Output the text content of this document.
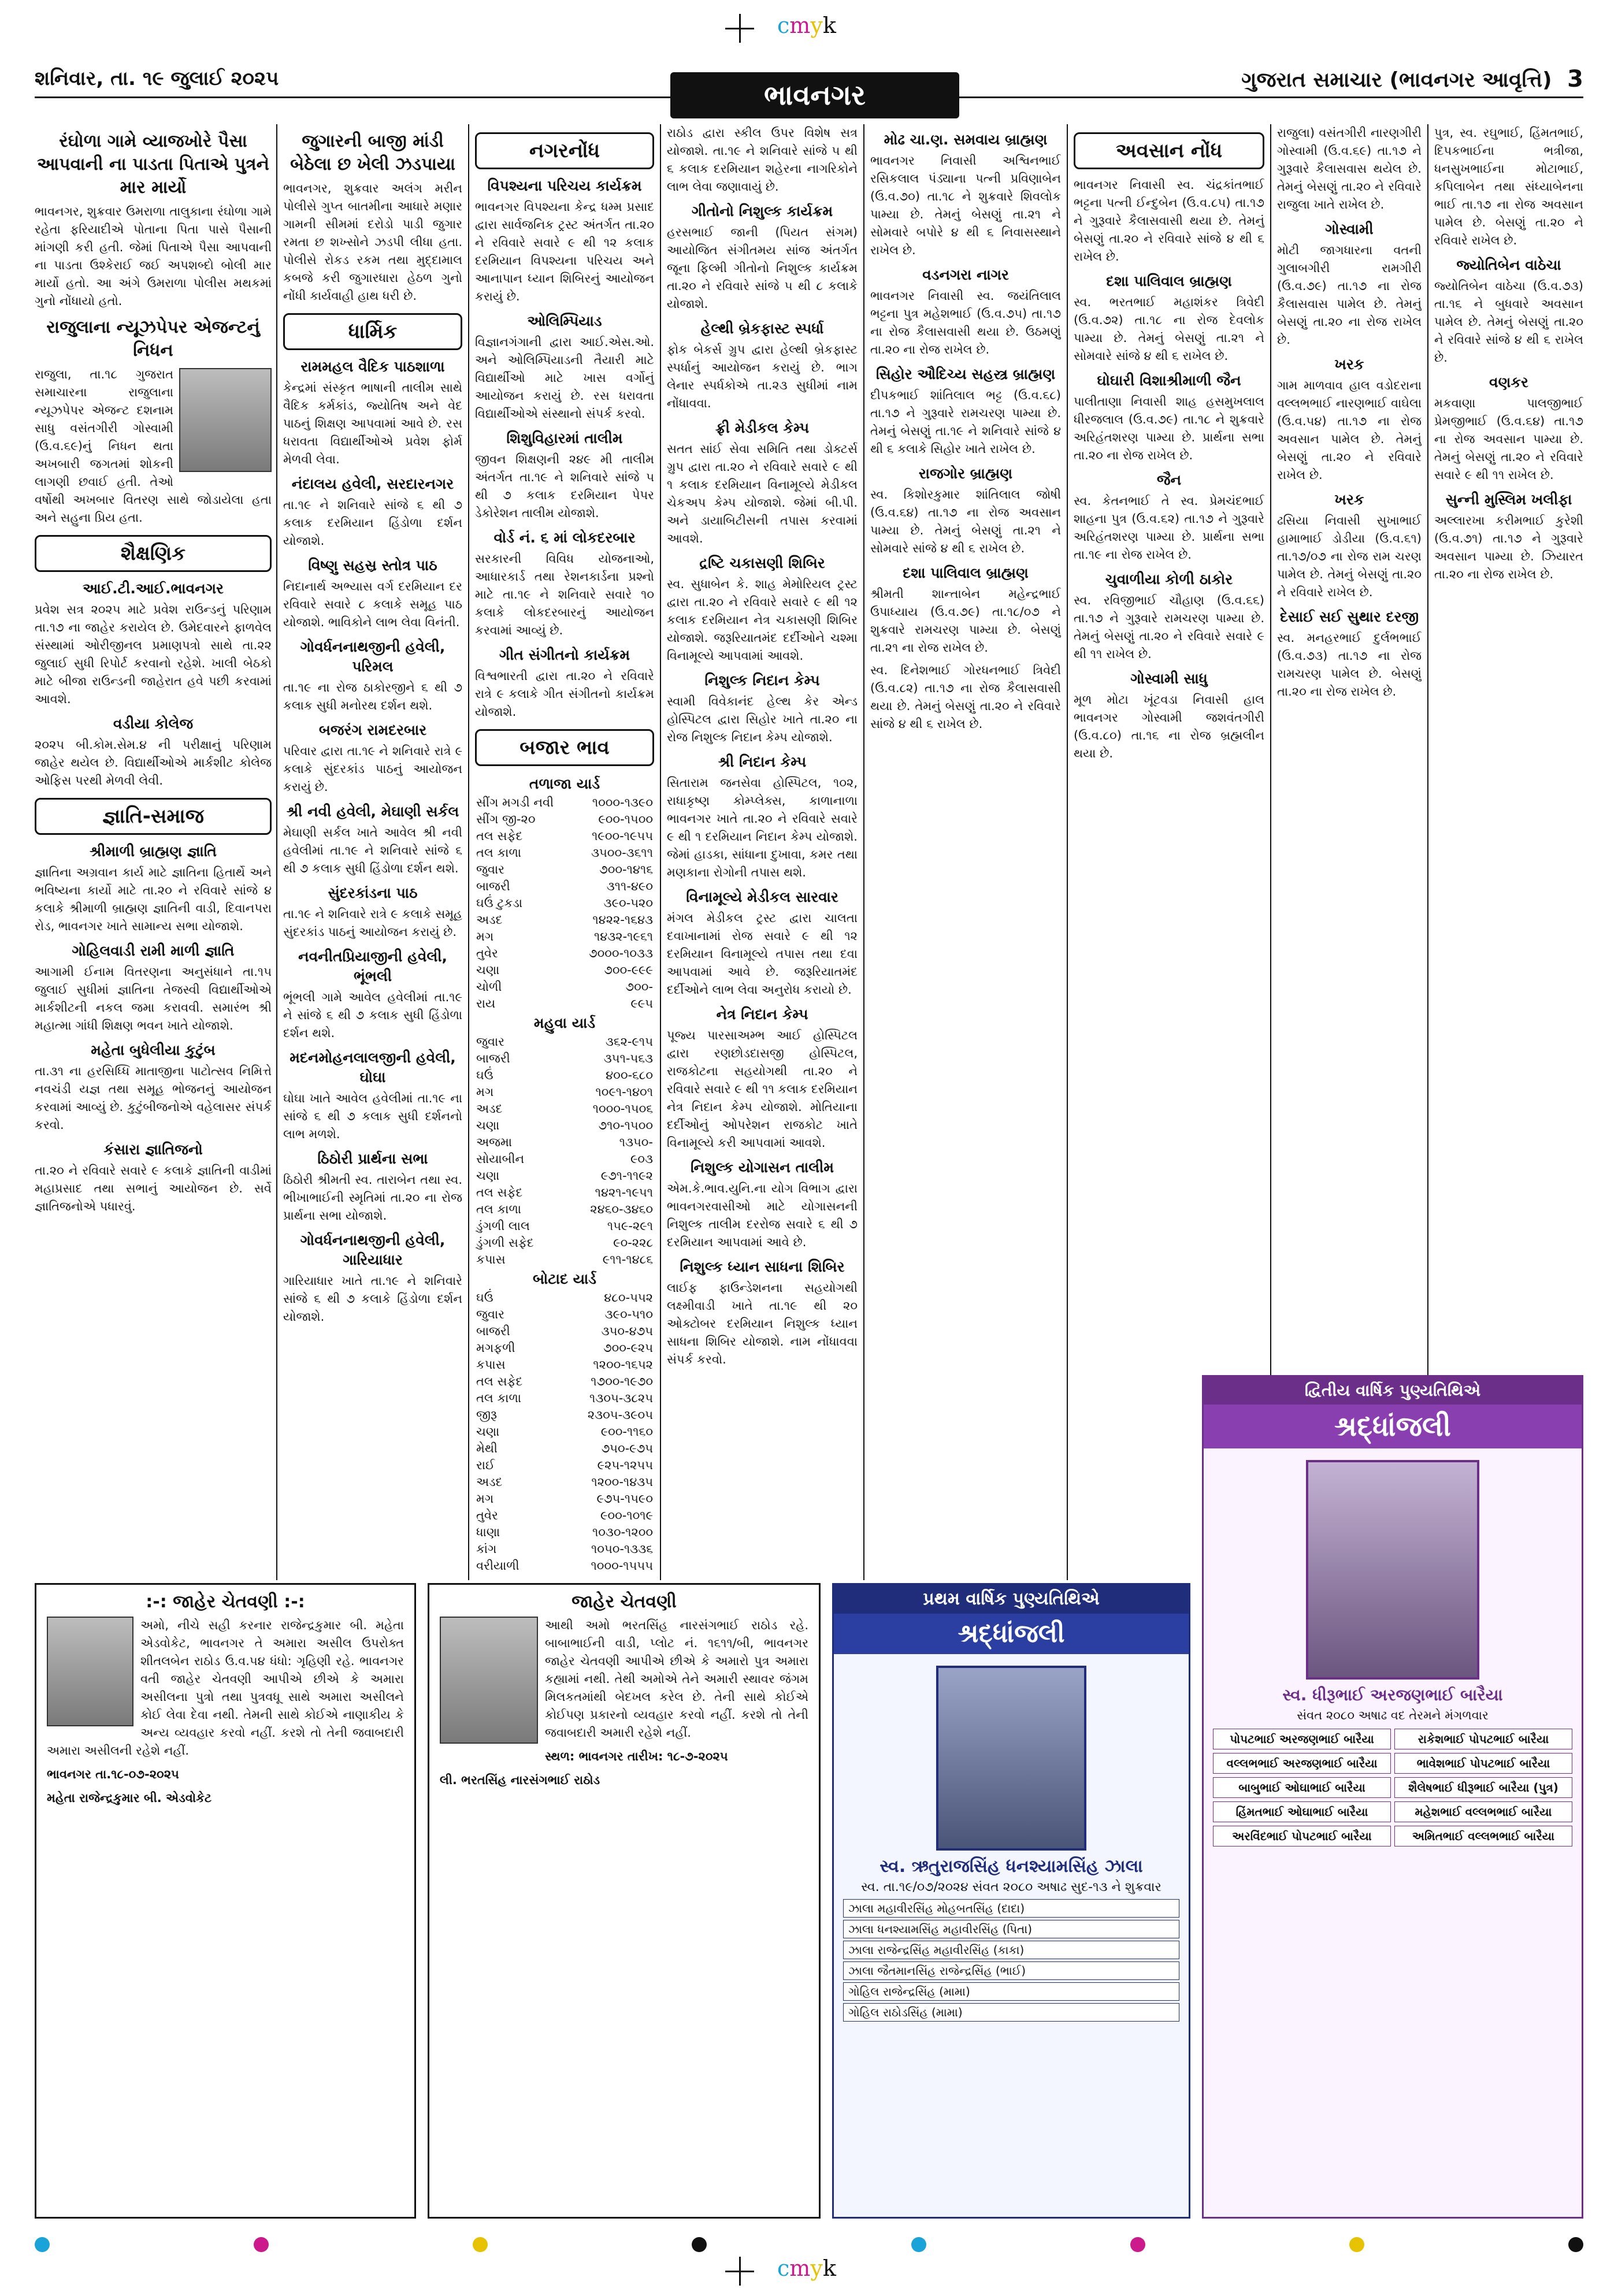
cmyk
શનિવાર, તા. ૧૯ જુલાઈ ૨૦૨૫	ગુજરાત સમાચાર (ભાવનગર આવૃત્તિ) 3
ભાવનગર
રંઘોળા ગામે વ્યાજખોરે પૈસા આપવાની ના પાડતા પિતાએ પુત્રને માર માર્યો

ભાવનગર, શુક્રવાર ઉમરાળા તાલુકાના રંઘોળા ગામે રહેતા ફરિયાદીએ પોતાના પિતા પાસે પૈસાની માંગણી કરી હતી. જેમાં પિતાએ પૈસા આપવાની ના પાડતા ઉશ્કેરાઈ જઈ અપશબ્દો બોલી માર માર્યો હતો. આ અંગે ઉમરાળા પોલીસ મથકમાં ગુનો નોંધાયો હતો.

રાજુલાના ન્યૂઝપેપર એજન્ટનું નિધન

રાજુલા, તા.૧૮ ગુજરાત સમાચારના રાજુલાના ન્યૂઝપેપર એજન્ટ દશનામ સાધુ વસંતગીરી ગોસ્વામી (ઉ.વ.૬૯)નું નિધન થતા અખબારી જગતમાં શોકની લાગણી છવાઈ હતી. તેઓ વર્ષોથી અખબાર વિતરણ સાથે જોડાયેલા હતા અને સહુના પ્રિય હતા.

શૈક્ષણિક
આઈ.ટી.આઈ.ભાવનગર

પ્રવેશ સત્ર ૨૦૨૫ માટે પ્રવેશ રાઉન્ડનું પરિણામ તા.૧૭ ના જાહેર કરાયેલ છે. ઉમેદવારને ફાળવેલ સંસ્થામાં ઓરીજીનલ પ્રમાણપત્રો સાથે તા.૨૨ જુલાઈ સુધી રિપોર્ટ કરવાનો રહેશે. ખાલી બેઠકો માટે બીજા રાઉન્ડની જાહેરાત હવે પછી કરવામાં આવશે.

વડીયા કોલેજ

૨૦૨૫ બી.કોમ.સેમ.૪ ની પરીક્ષાનું પરિણામ જાહેર થયેલ છે. વિદ્યાર્થીઓએ માર્કશીટ કોલેજ ઓફિસ પરથી મેળવી લેવી.

જ્ઞાતિ-સમાજ
શ્રીમાળી બ્રાહ્મણ જ્ઞાતિ

જ્ઞાતિના અગ્રવાન કાર્ય માટે જ્ઞાતિના હિતાર્થે અને ભવિષ્યના કાર્યો માટે તા.૨૦ ને રવિવારે સાંજે ૪ કલાકે શ્રીમાળી બ્રાહ્મણ જ્ઞાતિની વાડી, દિવાનપરા રોડ, ભાવનગર ખાતે સામાન્ય સભા યોજાશે.

ગોહિલવાડી રામી માળી જ્ઞાતિ

આગામી ઈનામ વિતરણના અનુસંધાને તા.૧૫ જુલાઈ સુધીમાં જ્ઞાતિના તેજસ્વી વિદ્યાર્થીઓએ માર્કશીટની નકલ જમા કરાવવી. સમારંભ શ્રી મહાત્મા ગાંધી શિક્ષણ ભવન ખાતે યોજાશે.

મહેતા બુધેલીયા કુટુંબ

તા.૩૧ ના હરસિધ્ધિ માતાજીના પાટોત્સવ નિમિત્તે નવચંડી યજ્ઞ તથા સમૂહ ભોજનનું આયોજન કરવામાં આવ્યું છે. કુટુંબીજનોએ વહેલાસર સંપર્ક કરવો.

કંસારા જ્ઞાતિજનો

તા.૨૦ ને રવિવારે સવારે ૯ કલાકે જ્ઞાતિની વાડીમાં મહાપ્રસાદ તથા સભાનું આયોજન છે. સર્વે જ્ઞાતિજનોએ પધારવું.

જુગારની બાજી માંડી બેઠેલા છ ખેલી ઝડપાયા

ભાવનગર, શુક્રવાર અલંગ મરીન પોલીસે ગુપ્ત બાતમીના આધારે મણાર ગામની સીમમાં દરોડો પાડી જુગાર રમતા છ શખ્સોને ઝડપી લીધા હતા. પોલીસે રોકડ રકમ તથા મુદ્દામાલ કબજે કરી જુગારધારા હેઠળ ગુનો નોંધી કાર્યવાહી હાથ ધરી છે.

ધાર્મિક
રામમહલ વૈદિક પાઠશાળા

કેન્દ્રમાં સંસ્કૃત ભાષાની તાલીમ સાથે વૈદિક કર્મકાંડ, જ્યોતિષ અને વેદ પાઠનું શિક્ષણ આપવામાં આવે છે. રસ ધરાવતા વિદ્યાર્થીઓએ પ્રવેશ ફોર્મ મેળવી લેવા.

નંદાલય હવેલી, સરદારનગર

તા.૧૯ ને શનિવારે સાંજે ૬ થી ૭ કલાક દરમિયાન હિંડોળા દર્શન યોજાશે.

વિષ્ણુ સહસ્ર સ્તોત્ર પાઠ

નિદાનાર્થ અભ્યાસ વર્ગ દરમિયાન દર રવિવારે સવારે ૮ કલાકે સમૂહ પાઠ યોજાશે. ભાવિકોને લાભ લેવા વિનંતી.

ગોવર્ધનનાથજીની હવેલી, પરિમલ

તા.૧૯ ના રોજ ઠાકોરજીને ૬ થી ૭ કલાક સુધી મનોરથ દર્શન થશે.

બજરંગ રામદરબાર

પરિવાર દ્વારા તા.૧૯ ને શનિવારે રાત્રે ૯ કલાકે સુંદરકાંડ પાઠનું આયોજન કરાયું છે.

શ્રી નવી હવેલી, મેઘાણી સર્કલ

મેઘાણી સર્કલ ખાતે આવેલ શ્રી નવી હવેલીમાં તા.૧૯ ને શનિવારે સાંજે ૬ થી ૭ કલાક સુધી હિંડોળા દર્શન થશે.

સુંદરકાંડના પાઠ

તા.૧૯ ને શનિવારે રાત્રે ૯ કલાકે સમૂહ સુંદરકાંડ પાઠનું આયોજન કરાયું છે.

નવનીતપ્રિયાજીની હવેલી, ભૂંભલી

ભૂંભલી ગામે આવેલ હવેલીમાં તા.૧૯ ને સાંજે ૬ થી ૭ કલાક સુધી હિંડોળા દર્શન થશે.

મદનમોહનલાલજીની હવેલી, ઘોઘા

ઘોઘા ખાતે આવેલ હવેલીમાં તા.૧૯ ના સાંજે ૬ થી ૭ કલાક સુધી દર્શનનો લાભ મળશે.

ઠિઠોરી પ્રાર્થના સભા

ઠિઠોરી શ્રીમતી સ્વ. તારાબેન તથા સ્વ. ભીખાભાઈની સ્મૃતિમાં તા.૨૦ ના રોજ પ્રાર્થના સભા યોજાશે.

ગોવર્ધનનાથજીની હવેલી, ગારિયાધાર

ગારિયાધાર ખાતે તા.૧૯ ને શનિવારે સાંજે ૬ થી ૭ કલાકે હિંડોળા દર્શન યોજાશે.

નગરનોંધ
વિપશ્યના પરિચય કાર્યક્રમ

ભાવનગર વિપશ્યના કેન્દ્ર ધમ્મ પ્રસાદ દ્વારા સાર્વજનિક ટ્રસ્ટ અંતર્ગત તા.૨૦ ને રવિવારે સવારે ૯ થી ૧૨ કલાક દરમિયાન વિપશ્યના પરિચય અને આનાપાન ધ્યાન શિબિરનું આયોજન કરાયું છે.

ઓલિમ્પિયાડ

વિજ્ઞાનગંગાની દ્વારા આઈ.એસ.ઓ. અને ઓલિમ્પિયાડની તૈયારી માટે વિદ્યાર્થીઓ માટે ખાસ વર્ગોનું આયોજન કરાયું છે. રસ ધરાવતા વિદ્યાર્થીઓએ સંસ્થાનો સંપર્ક કરવો.

શિશુવિહારમાં તાલીમ

જીવન શિક્ષણની ૨૪૯ મી તાલીમ અંતર્ગત તા.૧૯ ને શનિવારે સાંજે ૫ થી ૭ કલાક દરમિયાન પેપર ડેકોરેશન તાલીમ યોજાશે.

વોર્ડ નં. ૬ માં લોકદરબાર

સરકારની વિવિધ યોજનાઓ, આધારકાર્ડ તથા રેશનકાર્ડના પ્રશ્નો માટે તા.૧૯ ને શનિવારે સવારે ૧૦ કલાકે લોકદરબારનું આયોજન કરવામાં આવ્યું છે.

ગીત સંગીતનો કાર્યક્રમ

વિશ્વભારતી દ્વારા તા.૨૦ ને રવિવારે રાત્રે ૯ કલાકે ગીત સંગીતનો કાર્યક્રમ યોજાશે.

બજાર ભાવ
તળાજા યાર્ડ	
સીંગ મગડી નવી	૧૦૦૦-૧૩૯૦
સીંગ જી-૨૦	૯૦૦-૧૫૦૦
તલ સફેદ	૧૯૦૦-૧૯૫૫
તલ કાળા	૩૫૦૦-૩૬૧૧
જુવાર	૭૦૦-૧૪૧૬
બાજરી	૩૧૧-૪૯૦
ઘઉં ટુકડા	૩૯૦-૫૨૦
અડદ	૧૪૨૨-૧૬૪૩
મગ	૧૪૩૨-૧૯૬૧
તુવેર	૭૦૦૦-૧૦૩૩
ચણા	૭૦૦-૯૯૯
ચોળી	૭૦૦-
રાય	૯૯૫
મહુવા યાર્ડ	
જુવાર	૩૬૨-૯૧૫
બાજરી	૩૫૧-૫૬૩
ઘઉં	૪૦૦-૬૮૦
મગ	૧૦૯૧-૧૪૦૧
અડદ	૧૦૦૦-૧૫૦૬
ચણા	૭૧૦-૧૫૦૦
અજમા	૧૩૫૦-
સોયાબીન	૯૦૩
ચણા	૯૭૧-૧૧૯૨
તલ સફેદ	૧૪૨૧-૧૯૫૧
તલ કાળા	૨૪૬૦-૩૪૬૦
ડુંગળી લાલ	૧૫૯-૨૯૧
ડુંગળી સફેદ	૯૦-૨૨૮
કપાસ	૯૧૧-૧૪૮૬
બોટાદ યાર્ડ	
ઘઉં	૪૮૦-૫૫૨
જુવાર	૩૯૦-૫૧૦
બાજરી	૩૫૦-૪૭૫
મગફળી	૭૦૦-૯૨૫
કપાસ	૧૨૦૦-૧૬૫૨
તલ સફેદ	૧૭૦૦-૧૯૭૦
તલ કાળા	૧૩૦૫-૩૮૨૫
જીરૂ	૨૩૦૫-૩૯૦૫
ચણા	૯૦૦-૧૧૬૦
મેથી	૭૫૦-૯૭૫
રાઈ	૯૨૫-૧૨૫૫
અડદ	૧૨૦૦-૧૪૩૫
મગ	૯૭૫-૧૫૯૦
તુવેર	૯૦૦-૧૦૧૯
ધાણા	૧૦૩૦-૧૨૦૦
કાંગ	૧૦૫૦-૧૩૩૬
વરીયાળી	૧૦૦૦-૧૫૫૫

રાઠોડ દ્વારા સ્કીલ ઉપર વિશેષ સત્ર યોજાશે. તા.૧૯ ને શનિવારે સાંજે ૫ થી ૬ કલાક દરમિયાન શહેરના નાગરિકોને લાભ લેવા જણાવાયું છે.

ગીતોનો નિશુલ્ક કાર્યક્રમ

હરસભાઈ જાની (પિયત સંગમ) આયોજિત સંગીતમય સાંજ અંતર્ગત જૂના ફિલ્મી ગીતોનો નિશુલ્ક કાર્યક્રમ તા.૨૦ ને રવિવારે સાંજે ૫ થી ૮ કલાકે યોજાશે.

હેલ્થી બ્રેકફાસ્ટ સ્પર્ધા

ફોક બેકર્સ ગ્રુપ દ્વારા હેલ્થી બ્રેકફાસ્ટ સ્પર્ધાનું આયોજન કરાયું છે. ભાગ લેનાર સ્પર્ધકોએ તા.૨૩ સુધીમાં નામ નોંધાવવા.

ફ્રી મેડીકલ કેમ્પ

સતત સાંઈ સેવા સમિતિ તથા ડોક્ટર્સ ગ્રુપ દ્વારા તા.૨૦ ને રવિવારે સવારે ૯ થી ૧ કલાક દરમિયાન વિનામૂલ્યે મેડીકલ ચેકઅપ કેમ્પ યોજાશે. જેમાં બી.પી. અને ડાયાબિટીસની તપાસ કરવામાં આવશે.

દ્રષ્ટિ ચકાસણી શિબિર

સ્વ. સુધાબેન કે. શાહ મેમોરિયલ ટ્રસ્ટ દ્વારા તા.૨૦ ને રવિવારે સવારે ૯ થી ૧૨ કલાક દરમિયાન નેત્ર ચકાસણી શિબિર યોજાશે. જરૂરિયાતમંદ દર્દીઓને ચશ્મા વિનામૂલ્યે આપવામાં આવશે.

નિશુલ્ક નિદાન કેમ્પ

સ્વામી વિવેકાનંદ હેલ્થ કેર એન્ડ હોસ્પિટલ દ્વારા સિહોર ખાતે તા.૨૦ ના રોજ નિશુલ્ક નિદાન કેમ્પ યોજાશે.

શ્રી નિદાન કેમ્પ

સિતારામ જનસેવા હોસ્પિટલ, ૧૦૨, રાધાકૃષ્ણ કોમ્પ્લેક્સ, કાળાનાળા ભાવનગર ખાતે તા.૨૦ ને રવિવારે સવારે ૯ થી ૧ દરમિયાન નિદાન કેમ્પ યોજાશે. જેમાં હાડકા, સાંધાના દુખાવા, કમર તથા મણકાના રોગોની તપાસ થશે.

વિનામૂલ્યે મેડીકલ સારવાર

મંગલ મેડીકલ ટ્રસ્ટ દ્વારા ચાલતા દવાખાનામાં રોજ સવારે ૯ થી ૧૨ દરમિયાન વિનામૂલ્યે તપાસ તથા દવા આપવામાં આવે છે. જરૂરિયાતમંદ દર્દીઓને લાભ લેવા અનુરોધ કરાયો છે.

નેત્ર નિદાન કેમ્પ

પૂજ્ય પારસાઅમ્ભ આઈ હોસ્પિટલ દ્વારા રણછોડદાસજી હોસ્પિટલ, રાજકોટના સહયોગથી તા.૨૦ ને રવિવારે સવારે ૯ થી ૧૧ કલાક દરમિયાન નેત્ર નિદાન કેમ્પ યોજાશે. મોતિયાના દર્દીઓનું ઓપરેશન રાજકોટ ખાતે વિનામૂલ્યે કરી આપવામાં આવશે.

નિશુલ્ક યોગાસન તાલીમ

એમ.કે.ભાવ.યુનિ.ના યોગ વિભાગ દ્વારા ભાવનગરવાસીઓ માટે યોગાસનની નિશુલ્ક તાલીમ દરરોજ સવારે ૬ થી ૭ દરમિયાન આપવામાં આવે છે.

નિશુલ્ક ધ્યાન સાધના શિબિર

લાઈફ ફાઉન્ડેશનના સહયોગથી લક્ષ્મીવાડી ખાતે તા.૧૯ થી ૨૦ ઓક્ટોબર દરમિયાન નિશુલ્ક ધ્યાન સાધના શિબિર યોજાશે. નામ નોંધાવવા સંપર્ક કરવો.

મોઢ ચા.ણ. સમવાય બ્રાહ્મણ

ભાવનગર નિવાસી અશ્વિનભાઈ રસિકલાલ પંડ્યાના પત્ની પ્રવિણાબેન (ઉ.વ.૭૦) તા.૧૮ ને શુક્રવારે શિવલોક પામ્યા છે. તેમનું બેસણું તા.૨૧ ને સોમવારે બપોરે ૪ થી ૬ નિવાસસ્થાને રાખેલ છે.

વડનગરા નાગર

ભાવનગર નિવાસી સ્વ. જયંતિલાલ ભટ્ટના પુત્ર મહેશભાઈ (ઉ.વ.૭૫) તા.૧૭ ના રોજ કૈલાસવાસી થયા છે. ઉઠમણું તા.૨૦ ના રોજ રાખેલ છે.

સિહોર ઔદિચ્ય સહસ્ત્ર બ્રાહ્મણ

દીપકભાઈ શાંતિલાલ ભટ્ટ (ઉ.વ.૬૮) તા.૧૭ ને ગુરૂવારે રામચરણ પામ્યા છે. તેમનું બેસણું તા.૧૯ ને શનિવારે સાંજે ૪ થી ૬ કલાકે સિહોર ખાતે રાખેલ છે.

રાજગોર બ્રાહ્મણ

સ્વ. કિશોરકુમાર શાંતિલાલ જોષી (ઉ.વ.૬૪) તા.૧૭ ના રોજ અવસાન પામ્યા છે. તેમનું બેસણું તા.૨૧ ને સોમવારે સાંજે ૪ થી ૬ રાખેલ છે.

દશા પાલિવાલ બ્રાહ્મણ

શ્રીમતી શાન્તાબેન મહેન્દ્રભાઈ ઉપાધ્યાય (ઉ.વ.૭૯) તા.૧૮/૦૭ ને શુક્રવારે રામચરણ પામ્યા છે. બેસણું તા.૨૧ ના રોજ રાખેલ છે.

સ્વ. દિનેશભાઈ ગોરધનભાઈ ત્રિવેદી (ઉ.વ.૮૨) તા.૧૭ ના રોજ કૈલાસવાસી થયા છે. તેમનું બેસણું તા.૨૦ ને રવિવારે સાંજે ૪ થી ૬ રાખેલ છે.

અવસાન નોંધ

ભાવનગર નિવાસી સ્વ. ચંદ્રકાંતભાઈ ભટ્ટના પત્ની ઈન્દુબેન (ઉ.વ.૮૫) તા.૧૭ ને ગુરૂવારે કૈલાસવાસી થયા છે. તેમનું બેસણું તા.૨૦ ને રવિવારે સાંજે ૪ થી ૬ રાખેલ છે.

દશા પાલિવાલ બ્રાહ્મણ

સ્વ. ભરતભાઈ મહાશંકર ત્રિવેદી (ઉ.વ.૭૨) તા.૧૮ ના રોજ દેવલોક પામ્યા છે. તેમનું બેસણું તા.૨૧ ને સોમવારે સાંજે ૪ થી ૬ રાખેલ છે.

ઘોઘારી વિશાશ્રીમાળી જૈન

પાલીતાણા નિવાસી શાહ હસમુખલાલ ધીરજલાલ (ઉ.વ.૭૯) તા.૧૮ ને શુક્રવારે અરિહંતશરણ પામ્યા છે. પ્રાર્થના સભા તા.૨૦ ના રોજ રાખેલ છે.

જૈન

સ્વ. કેતનભાઈ તે સ્વ. પ્રેમચંદભાઈ શાહના પુત્ર (ઉ.વ.૬૨) તા.૧૭ ને ગુરૂવારે અરિહંતશરણ પામ્યા છે. પ્રાર્થના સભા તા.૧૯ ના રોજ રાખેલ છે.

ચુવાળીયા કોળી ઠાકોર

સ્વ. રવિજીભાઈ ચૌહાણ (ઉ.વ.૬૬) તા.૧૭ ને ગુરૂવારે રામચરણ પામ્યા છે. તેમનું બેસણું તા.૨૦ ને રવિવારે સવારે ૯ થી ૧૧ રાખેલ છે.

ગોસ્વામી સાધુ

મૂળ મોટા ખૂંટવડા નિવાસી હાલ ભાવનગર ગોસ્વામી જશવંતગીરી (ઉ.વ.૮૦) તા.૧૬ ના રોજ બ્રહ્મલીન થયા છે.

રાજુલા) વસંતગીરી નારણગીરી ગોસ્વામી (ઉ.વ.૬૯) તા.૧૭ ને ગુરૂવારે કૈલાસવાસ થયેલ છે. તેમનું બેસણું તા.૨૦ ને રવિવારે રાજુલા ખાતે રાખેલ છે.

ગોસ્વામી

મોટી જાગધારના વતની ગુલાબગીરી રામગીરી (ઉ.વ.૭૯) તા.૧૭ ના રોજ કૈલાસવાસ પામેલ છે. તેમનું બેસણું તા.૨૦ ના રોજ રાખેલ છે.

ખરક

ગામ માળવાવ હાલ વડોદરાના વલ્લભભાઈ નારણભાઈ વાઘેલા (ઉ.વ.૫૪) તા.૧૭ ના રોજ અવસાન પામેલ છે. તેમનું બેસણું તા.૨૦ ને રવિવારે રાખેલ છે.

ખરક

ઢસિયા નિવાસી સુખાભાઈ હામાભાઈ ડોડીયા (ઉ.વ.૬૧) તા.૧૭/૦૭ ના રોજ રામ ચરણ પામેલ છે. તેમનું બેસણું તા.૨૦ ને રવિવારે રાખેલ છે.

દેસાઈ સઈ સુથાર દરજી

સ્વ. મનહરભાઈ દુર્લભભાઈ (ઉ.વ.૭૩) તા.૧૭ ના રોજ રામચરણ પામેલ છે. બેસણું તા.૨૦ ના રોજ રાખેલ છે.

પુત્ર, સ્વ. રઘુભાઈ, હિંમતભાઈ, દિપકભાઈના ભત્રીજા, ધનસુખભાઈના મોટાભાઈ, કપિલાબેન તથા સંધ્યાબેનના ભાઈ તા.૧૭ ના રોજ અવસાન પામેલ છે. બેસણું તા.૨૦ ને રવિવારે રાખેલ છે.

જ્યોતિબેન વાઠેચા

જ્યોતિબેન વાઠેચા (ઉ.વ.૭૩) તા.૧૬ ને બુધવારે અવસાન પામેલ છે. તેમનું બેસણું તા.૨૦ ને રવિવારે સાંજે ૪ થી ૬ રાખેલ છે.

વણકર

મકવાણા પાલજીભાઈ પ્રેમજીભાઈ (ઉ.વ.૬૪) તા.૧૭ ના રોજ અવસાન પામ્યા છે. તેમનું બેસણું તા.૨૦ ને રવિવારે સવારે ૯ થી ૧૧ રાખેલ છે.

સુન્ની મુસ્લિમ ખલીફા

અલ્લારખા કરીમભાઈ કુરેશી (ઉ.વ.૭૧) તા.૧૭ ને ગુરૂવારે અવસાન પામ્યા છે. ઝિયારત તા.૨૦ ના રોજ રાખેલ છે.

:-: જાહેર ચેતવણી :-:

અમો, નીચે સહી કરનાર રાજેન્દ્રકુમાર બી. મહેતા એડવોકેટ, ભાવનગર તે અમારા અસીલ ઉપરોક્ત શીતલબેન રાઠોડ ઉ.વ.૫૪ ધંધો: ગૃહિણી રહે. ભાવનગર વતી જાહેર ચેતવણી આપીએ છીએ કે અમારા અસીલના પુત્રો તથા પુત્રવધૂ સાથે અમારા અસીલને કોઈ લેવા દેવા નથી. તેમની સાથે કોઈએ નાણાકીય કે અન્ય વ્યવહાર કરવો નહીં. કરશે તો તેની જવાબદારી અમારા અસીલની રહેશે નહીં.

ભાવનગર તા.૧૮-૦૭-૨૦૨૫
મહેતા રાજેન્દ્રકુમાર બી. એડવોકેટ
જાહેર ચેતવણી

આથી અમો ભરતસિંહ નારસંગભાઈ રાઠોડ રહે. બાબાભાઈની વાડી, પ્લોટ નં. ૧૬૧૧/બી, ભાવનગર જાહેર ચેતવણી આપીએ છીએ કે અમારો પુત્ર અમારા કહ્યામાં નથી. તેથી અમોએ તેને અમારી સ્થાવર જંગમ મિલકતમાંથી બેદખલ કરેલ છે. તેની સાથે કોઈએ કોઈપણ પ્રકારનો વ્યવહાર કરવો નહીં. કરશે તો તેની જવાબદારી અમારી રહેશે નહીં.

સ્થળ: ભાવનગર તારીખ: ૧૮-૭-૨૦૨૫
લી. ભરતસિંહ નારસંગભાઈ રાઠોડ
પ્રથમ વાર્ષિક પુણ્યતિથિએ
શ્રદ્ધાંજલી
સ્વ. ઋતુરાજસિંહ ધનશ્યામસિંહ ઝાલા
સ્વ. તા.૧૯/૦૭/૨૦૨૪ સંવત ૨૦૮૦ અષાઢ સુદ-૧૩ ને શુક્રવાર
ઝાલા મહાવીરસિંહ મોહબતસિંહ (દાદા)
ઝાલા ધનશ્યામસિંહ મહાવીરસિંહ (પિતા)
ઝાલા રાજેન્દ્રસિંહ મહાવીરસિંહ (કાકા)
ઝાલા જૈતમાનસિંહ રાજેન્દ્રસિંહ (ભાઈ)
ગોહિલ રાજેન્દ્રસિંહ (મામા)
ગોહિલ રાઠોડસિંહ (મામા)
દ્વિતીય વાર્ષિક પુણ્યતિથિએ
શ્રદ્ધાંજલી
સ્વ. ધીરૂભાઈ અરજણભાઈ બારૈયા
સંવત ૨૦૮૦ અષાઢ વદ તેરમને મંગળવાર
પોપટભાઈ અરજણભાઈ બારૈયા	રાકેશભાઈ પોપટભાઈ બારૈયા
વલ્લભભાઈ અરજણભાઈ બારૈયા	ભાવેશભાઈ પોપટભાઈ બારૈયા
બાબુભાઈ ઓઘાભાઈ બારૈયા	શૈલેષભાઈ ધીરૂભાઈ બારૈયા (પુત્ર)
હિંમતભાઈ ઓઘાભાઈ બારૈયા	મહેશભાઈ વલ્લભભાઈ બારૈયા
અરવિંદભાઈ પોપટભાઈ બારૈયા	અમિતભાઈ વલ્લભભાઈ બારૈયા
cmyk
